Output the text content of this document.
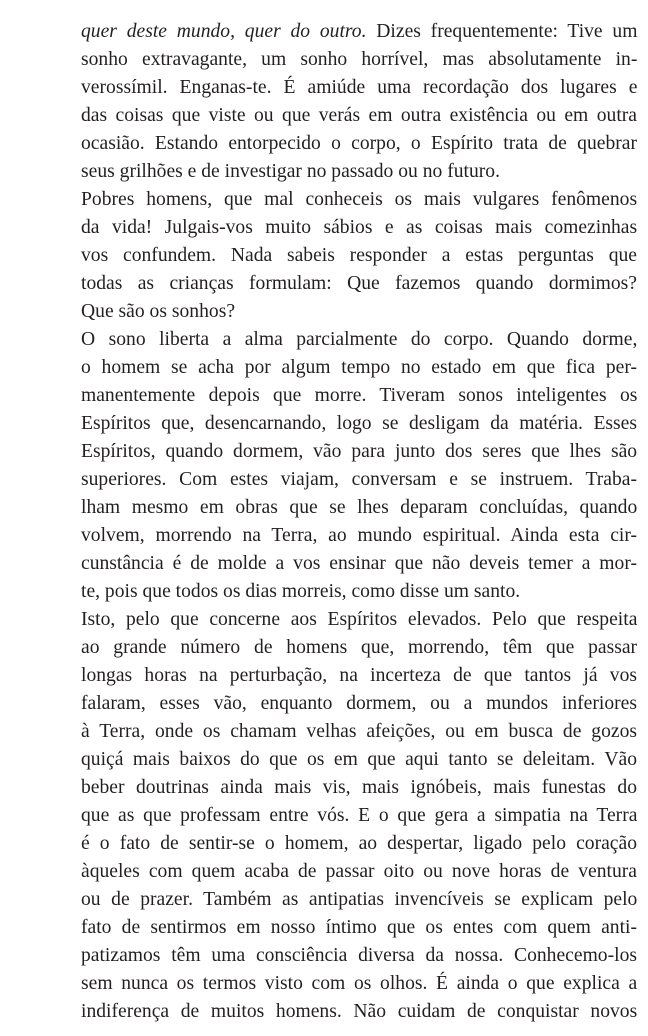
quer deste mundo, quer do outro. Dizes frequentemente: Tive um
sonho extravagante, um sonho horrível, mas absolutamente in-
verossímil. Enganas-te. É amiúde uma recordação dos lugares e
das coisas que viste ou que verás em outra existência ou em outra
ocasião. Estando entorpecido o corpo, o Espírito trata de quebrar
seus grilhões e de investigar no passado ou no futuro.
Pobres homens, que mal conheceis os mais vulgares fenômenos
da vida! Julgais-vos muito sábios e as coisas mais comezinhas
vos confundem. Nada sabeis responder a estas perguntas que
todas as crianças formulam: Que fazemos quando dormimos?
Que são os sonhos?
O sono liberta a alma parcialmente do corpo. Quando dorme,
o homem se acha por algum tempo no estado em que fica per-
manentemente depois que morre. Tiveram sonos inteligentes os
Espíritos que, desencarnando, logo se desligam da matéria. Esses
Espíritos, quando dormem, vão para junto dos seres que lhes são
superiores. Com estes viajam, conversam e se instruem. Traba-
lham mesmo em obras que se lhes deparam concluídas, quando
volvem, morrendo na Terra, ao mundo espiritual. Ainda esta cir-
cunstância é de molde a vos ensinar que não deveis temer a mor-
te, pois que todos os dias morreis, como disse um santo.
Isto, pelo que concerne aos Espíritos elevados. Pelo que respeita
ao grande número de homens que, morrendo, têm que passar
longas horas na perturbação, na incerteza de que tantos já vos
falaram, esses vão, enquanto dormem, ou a mundos inferiores
à Terra, onde os chamam velhas afeições, ou em busca de gozos
quiçá mais baixos do que os em que aqui tanto se deleitam. Vão
beber doutrinas ainda mais vis, mais ignóbeis, mais funestas do
que as que professam entre vós. E o que gera a simpatia na Terra
é o fato de sentir-se o homem, ao despertar, ligado pelo coração
àqueles com quem acaba de passar oito ou nove horas de ventura
ou de prazer. Também as antipatias invencíveis se explicam pelo
fato de sentirmos em nosso íntimo que os entes com quem anti-
patizamos têm uma consciência diversa da nossa. Conhecemo-los
sem nunca os termos visto com os olhos. É ainda o que explica a
indiferença de muitos homens. Não cuidam de conquistar novos
